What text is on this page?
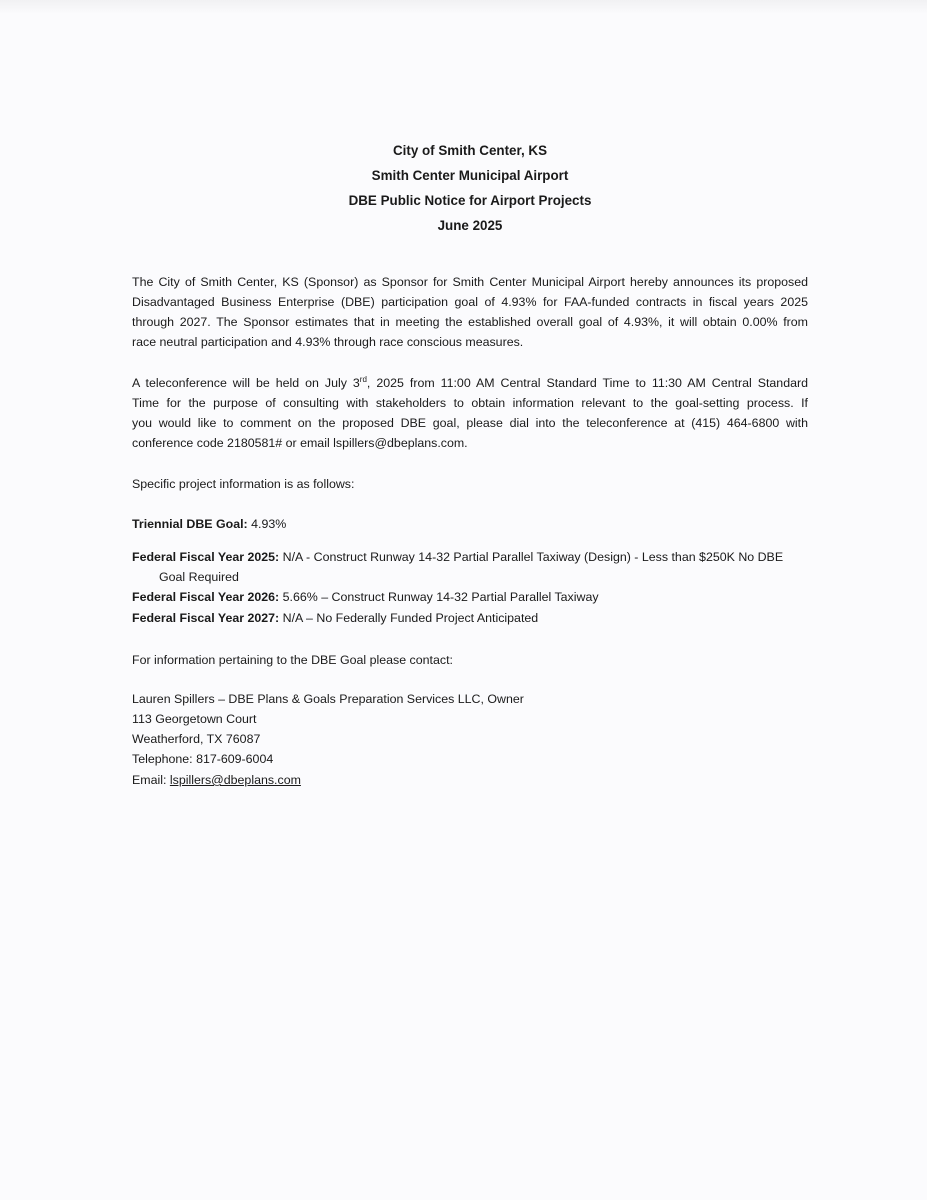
City of Smith Center, KS
Smith Center Municipal Airport
DBE Public Notice for Airport Projects
June 2025
The City of Smith Center, KS (Sponsor) as Sponsor for Smith Center Municipal Airport hereby announces its proposed
Disadvantaged Business Enterprise (DBE) participation goal of 4.93% for FAA-funded contracts in fiscal years 2025
through 2027. The Sponsor estimates that in meeting the established overall goal of 4.93%, it will obtain 0.00% from
race neutral participation and 4.93% through race conscious measures.
A teleconference will be held on July 3rd, 2025 from 11:00 AM Central Standard Time to 11:30 AM Central Standard
Time for the purpose of consulting with stakeholders to obtain information relevant to the goal-setting process. If
you would like to comment on the proposed DBE goal, please dial into the teleconference at (415) 464-6800 with
conference code 2180581# or email lspillers@dbeplans.com.
Specific project information is as follows:
Triennial DBE Goal: 4.93%
Federal Fiscal Year 2025: N/A - Construct Runway 14-32 Partial Parallel Taxiway (Design) - Less than $250K No DBE
Goal Required
Federal Fiscal Year 2026: 5.66% – Construct Runway 14-32 Partial Parallel Taxiway
Federal Fiscal Year 2027: N/A – No Federally Funded Project Anticipated
For information pertaining to the DBE Goal please contact:
Lauren Spillers – DBE Plans & Goals Preparation Services LLC, Owner
113 Georgetown Court
Weatherford, TX 76087
Telephone: 817-609-6004
Email: lspillers@dbeplans.com
